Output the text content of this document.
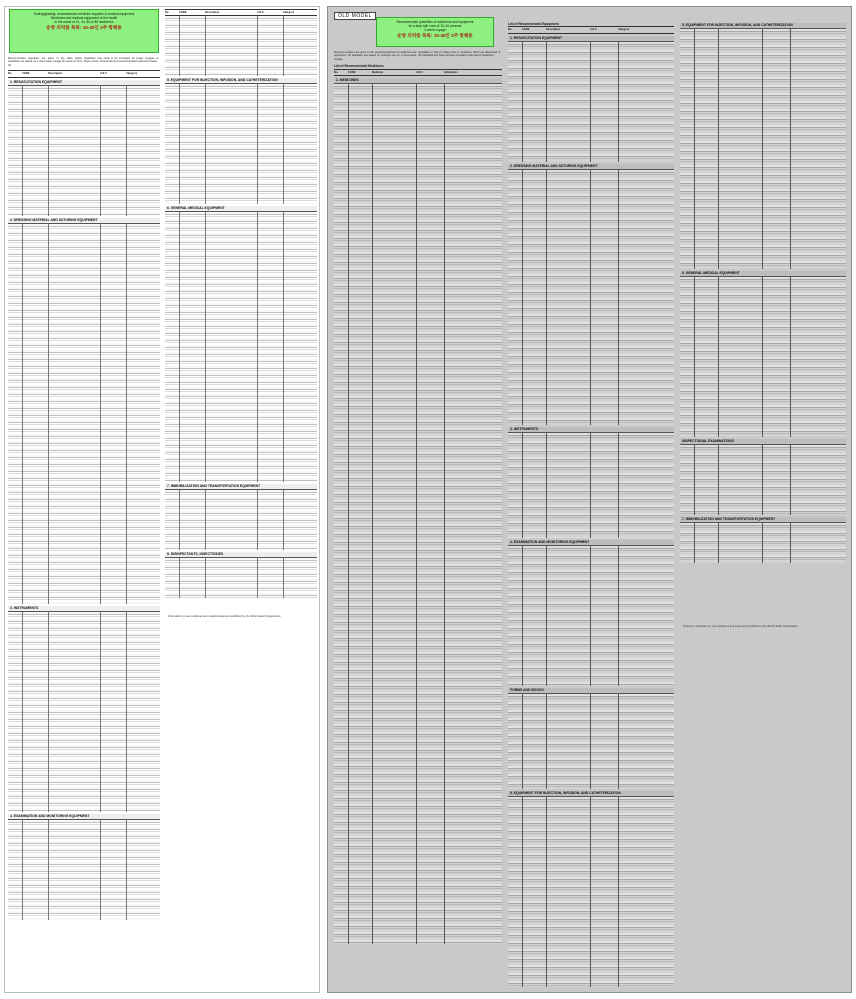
Sorting/grading: recommended medicine supplies & medical equipment
Medicines and medical equipment of the health
in the name of 10, 40, 60 or 80 medicines
운항 의약품 목록: 10-40인 3주 항해용

Recommended quantities are given in the table below. Quantities are based on a three-week voyage for crews of 10 to 40.

Quantities may need to be increased for longer voyages or larger crews. Consult the list of recommended equipment below.

No.	CODE	Description	A B C	Category
1. RESUSCITATION EQUIPMENT
2. DRESSING MATERIAL AND SUTURING EQUIPMENT
3. INSTRUMENTS
4. EXAMINATION AND MONITORING EQUIPMENT
No.	CODE	Description	A B C	Category
5. EQUIPMENT FOR INJECTION, INFUSION, AND CATHETERIZATION
6. GENERAL MEDICAL EQUIPMENT
7. IMMOBILIZATION AND TRANSPORTATION EQUIPMENT
8. DISINFECTANTS, INSECTICIDES
Information on new medicines and medical equipment published by the World Health Organization
OLD MODEL
Recommended quantities of medicines and equipment
for a ship with crew of 10–40 persons
3-week voyage
운항 의약품 목록: 10-40인 3주 항해용

Running numbers are given to the recommended list of medicines and equipment. All quantities are based on average use on a three-week voyage.

Quantities in bold or italics refer to medicines which are dispensed to the individual and have not been included in the total of medicines.

List of Recommended Medicines
No.	CODE	Medicine	A B C	Indications
1. MEDICINES
List of Recommended Equipment
No.	CODE	Description	A B C	Category
1. RESUSCITATION EQUIPMENT
2. DRESSING MATERIAL AND SUTURING EQUIPMENT
3. INSTRUMENTS
4. EXAMINATION AND MONITORING EQUIPMENT
FORMS AND BOOKS
5. EQUIPMENT FOR INJECTION, INFUSION, AND CATHETERIZATION
5. EQUIPMENT FOR INJECTION, INFUSION, AND CATHETERIZATION
6. GENERAL MEDICAL EQUIPMENT
INSPECTIONAL EXAMINATIONS
7. IMMOBILIZATION AND TRANSPORTATION EQUIPMENT
Footnote: information on new medicines and equipment published by the World Health Organization
